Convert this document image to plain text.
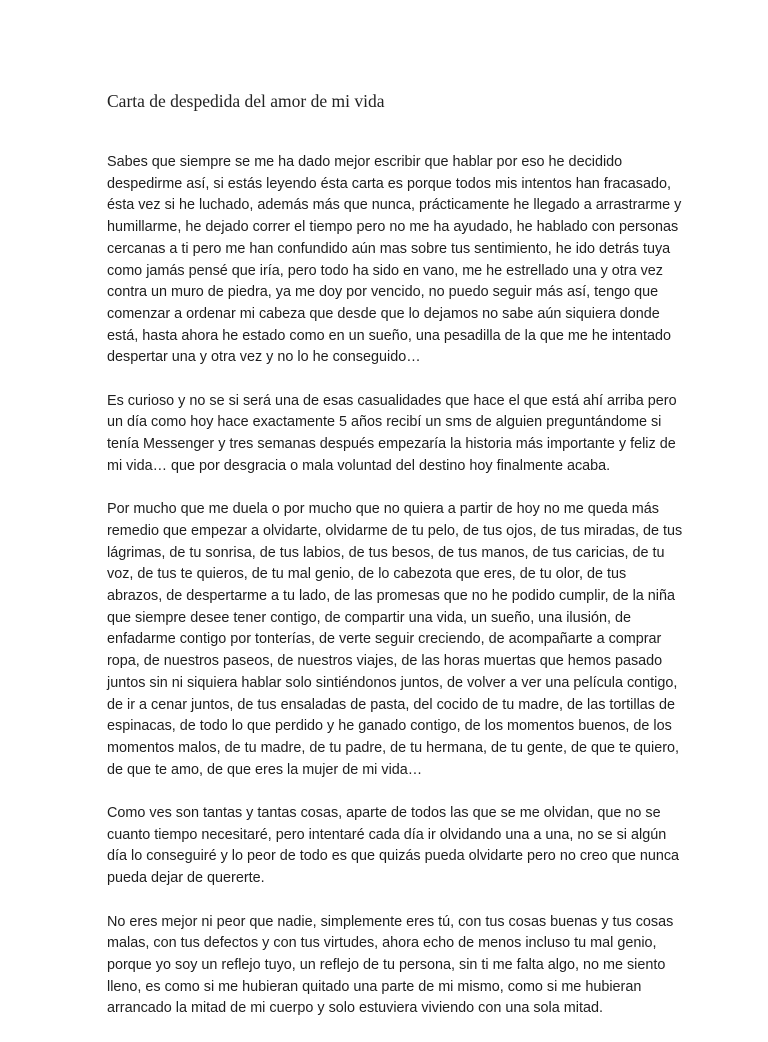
Carta de despedida del amor de mi vida

Sabes que siempre se me ha dado mejor escribir que hablar por eso he decidido
despedirme así, si estás leyendo ésta carta es porque todos mis intentos han fracasado,
ésta vez si he luchado, además más que nunca, prácticamente he llegado a arrastrarme y
humillarme, he dejado correr el tiempo pero no me ha ayudado, he hablado con personas
cercanas a ti pero me han confundido aún mas sobre tus sentimiento, he ido detrás tuya
como jamás pensé que iría, pero todo ha sido en vano, me he estrellado una y otra vez
contra un muro de piedra, ya me doy por vencido, no puedo seguir más así, tengo que
comenzar a ordenar mi cabeza que desde que lo dejamos no sabe aún siquiera donde
está, hasta ahora he estado como en un sueño, una pesadilla de la que me he intentado
despertar una y otra vez y no lo he conseguido…

Es curioso y no se si será una de esas casualidades que hace el que está ahí arriba pero
un día como hoy hace exactamente 5 años recibí un sms de alguien preguntándome si
tenía Messenger y tres semanas después empezaría la historia más importante y feliz de
mi vida… que por desgracia o mala voluntad del destino hoy finalmente acaba.

Por mucho que me duela o por mucho que no quiera a partir de hoy no me queda más
remedio que empezar a olvidarte, olvidarme de tu pelo, de tus ojos, de tus miradas, de tus
lágrimas, de tu sonrisa, de tus labios, de tus besos, de tus manos, de tus caricias, de tu
voz, de tus te quieros, de tu mal genio, de lo cabezota que eres, de tu olor, de tus
abrazos, de despertarme a tu lado, de las promesas que no he podido cumplir, de la niña
que siempre desee tener contigo, de compartir una vida, un sueño, una ilusión, de
enfadarme contigo por tonterías, de verte seguir creciendo, de acompañarte a comprar
ropa, de nuestros paseos, de nuestros viajes, de las horas muertas que hemos pasado
juntos sin ni siquiera hablar solo sintiéndonos juntos, de volver a ver una película contigo,
de ir a cenar juntos, de tus ensaladas de pasta, del cocido de tu madre, de las tortillas de
espinacas, de todo lo que perdido y he ganado contigo, de los momentos buenos, de los
momentos malos, de tu madre, de tu padre, de tu hermana, de tu gente, de que te quiero,
de que te amo, de que eres la mujer de mi vida…

Como ves son tantas y tantas cosas, aparte de todos las que se me olvidan, que no se
cuanto tiempo necesitaré, pero intentaré cada día ir olvidando una a una, no se si algún
día lo conseguiré y lo peor de todo es que quizás pueda olvidarte pero no creo que nunca
pueda dejar de quererte.

No eres mejor ni peor que nadie, simplemente eres tú, con tus cosas buenas y tus cosas
malas, con tus defectos y con tus virtudes, ahora echo de menos incluso tu mal genio,
porque yo soy un reflejo tuyo, un reflejo de tu persona, sin ti me falta algo, no me siento
lleno, es como si me hubieran quitado una parte de mi mismo, como si me hubieran
arrancado la mitad de mi cuerpo y solo estuviera viviendo con una sola mitad.
